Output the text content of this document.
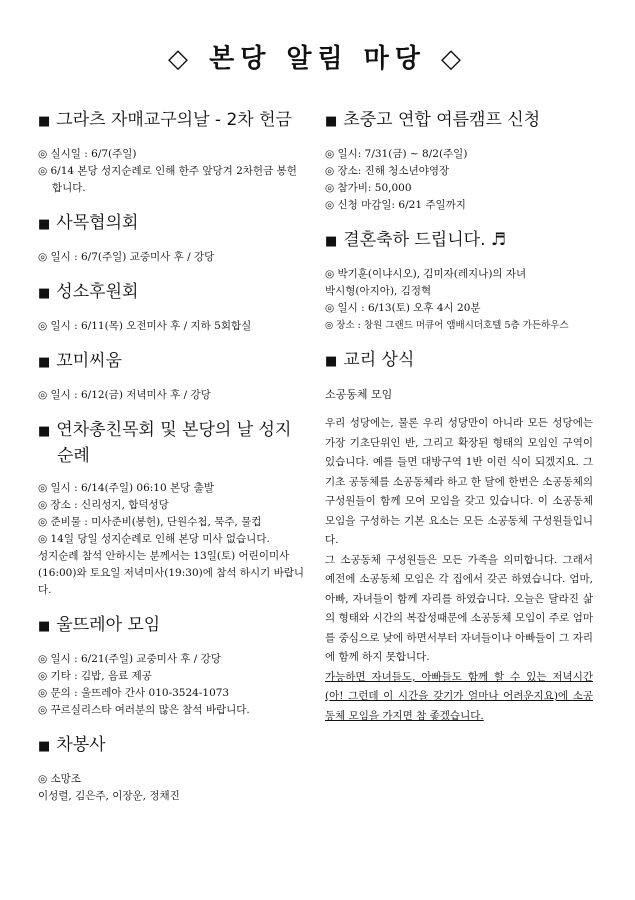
◇ 본당 알림 마당 ◇
■ 그라츠 자매교구의날 - 2차 헌금
◎ 실시일 : 6/7(주일)
◎ 6/14 본당 성지순례로 인해 한주 앞당겨 2차헌금 봉헌합니다.
■ 사목협의회
◎ 일시 : 6/7(주일) 교중미사 후 / 강당
■ 성소후원회
◎ 일시 : 6/11(목) 오전미사 후 / 지하 5회합실
■ 꼬미씨움
◎ 일시 : 6/12(금) 저녁미사 후 / 강당
■ 연차총친목회 및 본당의 날 성지순례
◎ 일시 : 6/14(주일) 06:10 본당 출발
◎ 장소 : 신리성지, 합덕성당
◎ 준비물 : 미사준비(봉헌), 단원수첩, 묵주, 물컵
◎ 14일 당일 성지순례로 인해 본당 미사 없습니다.
성지순례 참석 안하시는 분께서는 13일(토) 어린이미사(16:00)와 토요일 저녁미사(19:30)에 참석 하시기 바랍니다.
■ 울뜨레아 모임
◎ 일시 : 6/21(주일) 교중미사 후 / 강당
◎ 기타 : 김밥, 음료 제공
◎ 문의 : 울뜨레아 간사 010-3524-1073
◎ 꾸르실리스타 여러분의 많은 참석 바랍니다.
■ 차봉사
◎ 소망조
이성렬, 김은주, 이장운, 정채진
■ 초중고 연합 여름캠프 신청
◎ 일시: 7/31(금) ~ 8/2(주일)
◎ 장소: 진해 청소년야영장
◎ 참가비: 50,000
◎ 신청 마감일: 6/21 주일까지
■ 결혼축하 드립니다. ♬
◎ 박기훈(이냐시오), 김미자(레지나)의 자녀
박시형(아지아), 김정혁
◎ 일시 : 6/13(토) 오후 4시 20분
◎ 장소 : 창원 그랜드 머큐어 앰배시더호텔 5층 가든하우스
■ 교리 상식
소공동체 모임

우리 성당에는, 물론 우리 성당만이 아니라 모든 성당에는 가장 기초단위인 반, 그리고 확장된 형태의 모임인 구역이 있습니다. 예를 들면 대방구역 1반 이런 식이 되겠지요. 그 기초 공동체를 소공동체라 하고 한 달에 한번은 소공동체의 구성원들이 함께 모여 모임을 갖고 있습니다. 이 소공동체 모임을 구성하는 기본 요소는 모든 소공동체 구성원들입니다.

그 소공동체 구성원들은 모든 가족을 의미합니다. 그래서 예전에 소공동체 모임은 각 집에서 갖곤 하였습니다. 엄마, 아빠, 자녀들이 함께 자리를 하였습니다. 오늘은 달라진 삶의 형태와 시간의 복잡성때문에 소공동체 모임이 주로 엄마를 중심으로 낮에 하면서부터 자녀들이나 아빠들이 그 자리에 함께 하지 못합니다.

가능하면 자녀들도, 아빠들도 함께 할 수 있는 저녁시간(아! 그런데 이 시간을 갖기가 얼마나 어려운지요)에 소공동체 모임을 가지면 참 좋겠습니다.
